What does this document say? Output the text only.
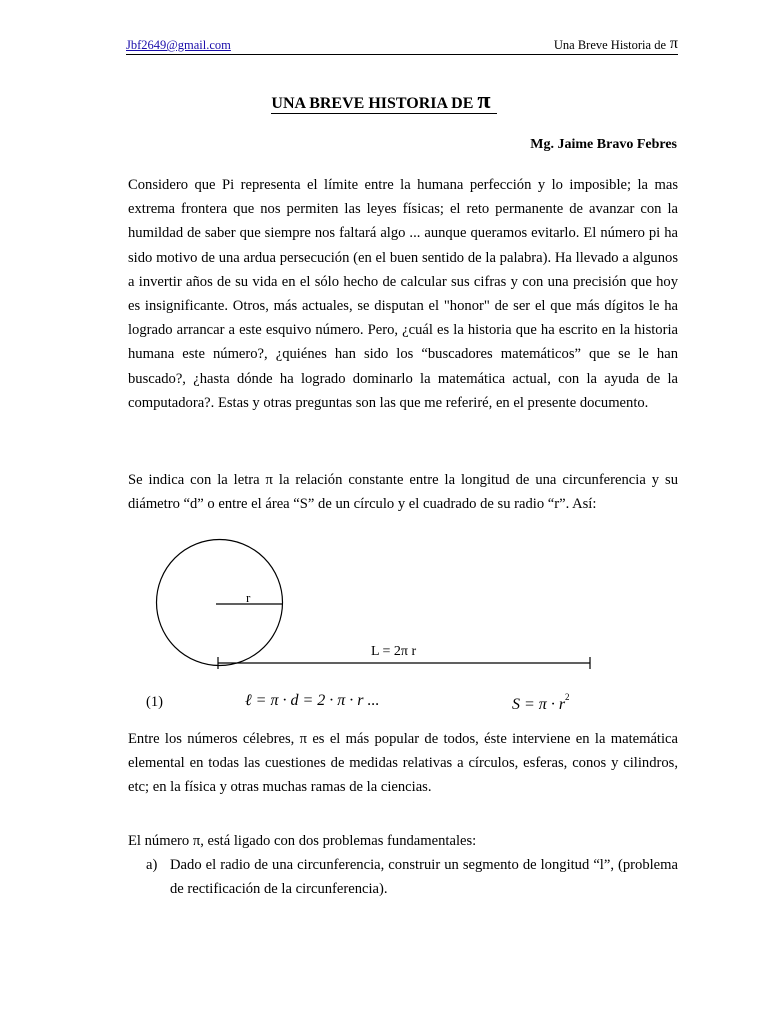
Jbf2649@gmail.com	Una Breve Historia de π
UNA BREVE HISTORIA DE π
Mg. Jaime Bravo Febres
Considero que Pi representa el límite entre la humana perfección y lo imposible; la mas extrema frontera que nos permiten las leyes físicas; el reto permanente de avanzar con la humildad de saber que siempre nos faltará algo ... aunque queramos evitarlo. El número pi ha sido motivo de una ardua persecución (en el buen sentido de la palabra). Ha llevado a algunos a invertir años de su vida en el sólo hecho de calcular sus cifras y con una precisión que hoy es insignificante. Otros, más actuales, se disputan el "honor" de ser el que más dígitos le ha logrado arrancar a este esquivo número. Pero, ¿cuál es la historia que ha escrito en la historia humana este número?, ¿quiénes han sido los “buscadores matemáticos” que se le han buscado?, ¿hasta dónde ha logrado dominarlo la matemática actual, con la ayuda de la computadora?. Estas y otras preguntas son las que me referiré, en el presente documento.
Se indica con la letra π la relación constante entre la longitud de una circunferencia y su diámetro “d” o entre el área “S” de un círculo y el cuadrado de su radio “r”. Así:
r
L = 2π r
(1)	ℓ = π · d = 2 · π · r ...	$S = \pi \cdot r^2$
Entre los números célebres, π es el más popular de todos, éste interviene en la matemática elemental en todas las cuestiones de medidas relativas a círculos, esferas, conos y cilindros, etc; en la física y otras muchas ramas de la ciencias.
El número π, está ligado con dos problemas fundamentales:
a) Dado el radio de una circunferencia, construir un segmento de longitud “l”, (problema de rectificación de la circunferencia).
